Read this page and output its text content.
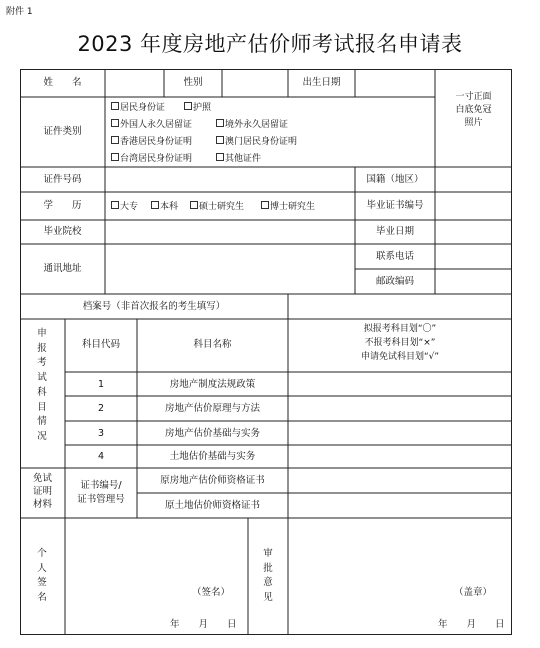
附件 1
2023 年度房地产估价师考试报名申请表
姓　　名	性别	出生日期
一寸正面
白底免冠
照片
证件类别
居民身份证	护照
外国人永久居留证	境外永久居留证
香港居民身份证明	澳门居民身份证明
台湾居民身份证明	其他证件
证件号码	国籍（地区）
学　　历	大专	本科	硕士研究生	博士研究生	毕业证书编号
毕业院校	毕业日期
通讯地址
联系电话
邮政编码
档案号（非首次报名的考生填写）
申报考试科目情况
科目代码	科目名称
拟报考科目划“〇”
不报考科目划“×”
申请免试科目划“√”
1	房地产制度法规政策
2	房地产估价原理与方法
3	房地产估价基础与实务
4	土地估价基础与实务
免试
证明
材料
证书编号/
证书管理号
原房地产估价师资格证书
原土地估价师资格证书
个人签名	（签名）
年　　月　　日
审批意见	（盖章）
年　　月　　日
